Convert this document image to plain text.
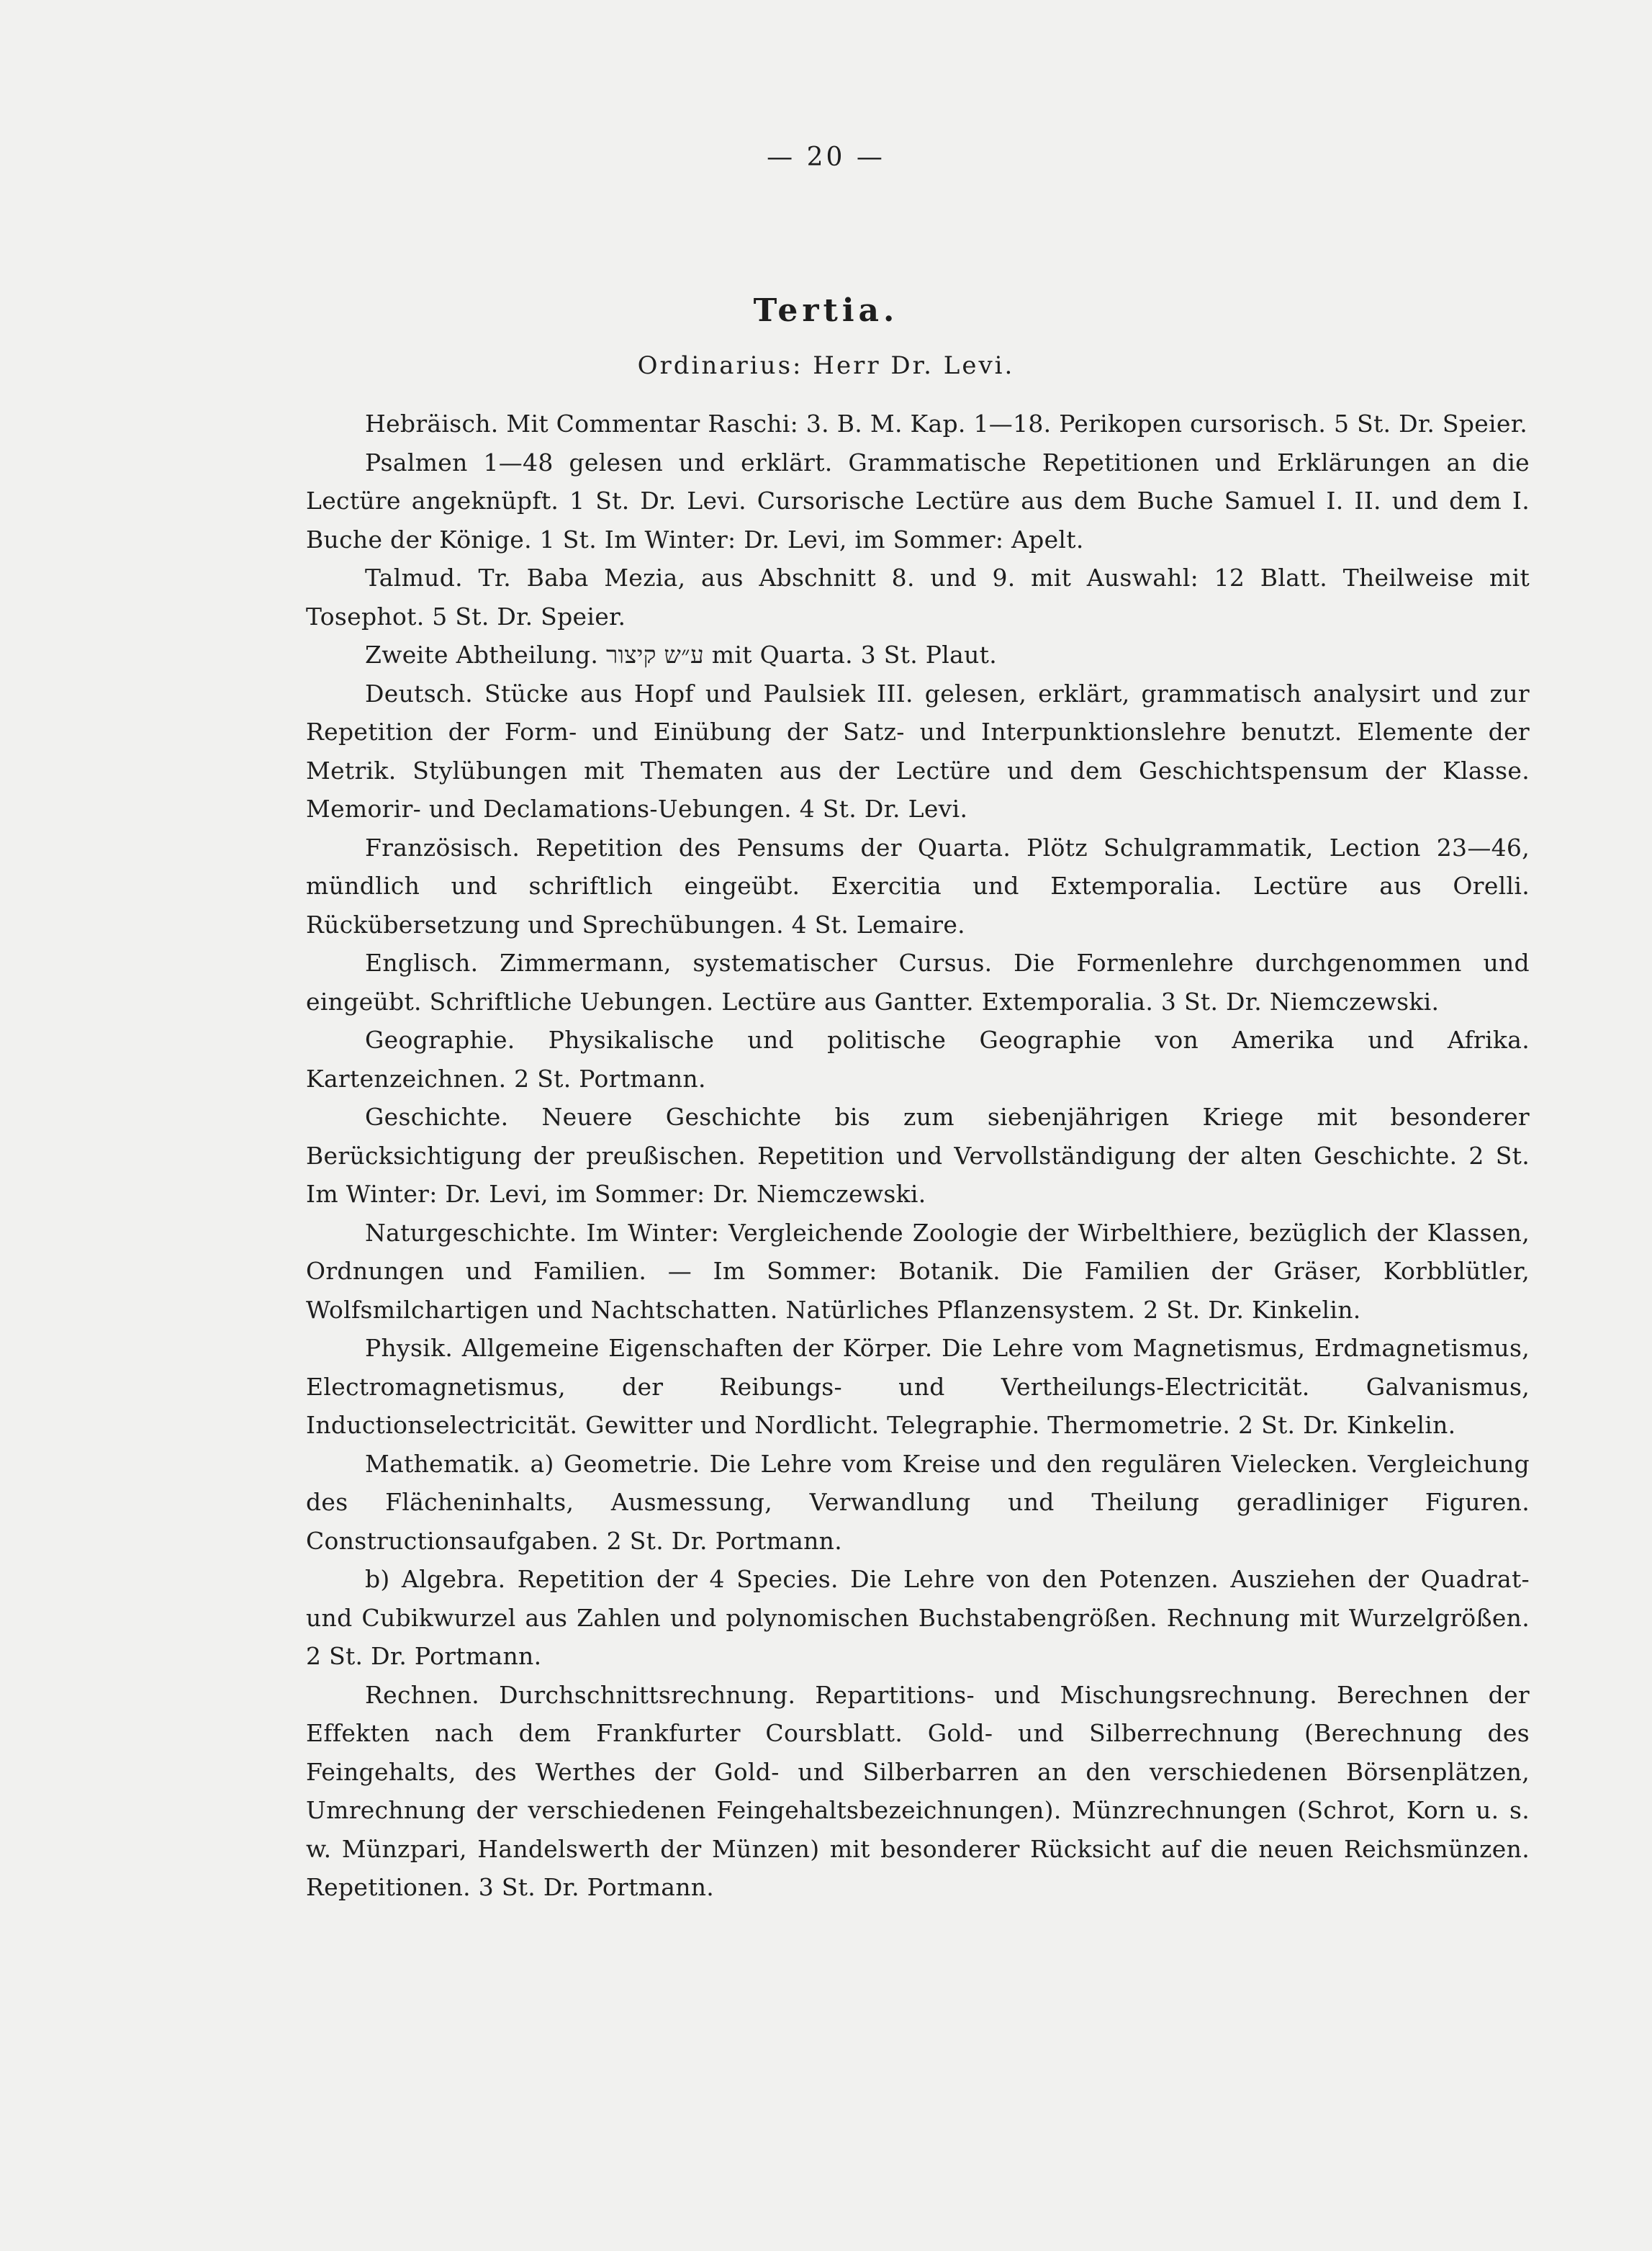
— 20 —
Tertia.
Ordinarius: Herr Dr. Levi.

Hebräisch. Mit Commentar Raschi: 3. B. M. Kap. 1—18. Perikopen cursorisch. 5 St. Dr. Speier.

Psalmen 1—48 gelesen und erklärt. Grammatische Repetitionen und Erklärungen an die Lectüre angeknüpft. 1 St. Dr. Levi. Cursorische Lectüre aus dem Buche Samuel I. II. und dem I. Buche der Könige. 1 St. Im Winter: Dr. Levi, im Sommer: Apelt.

Talmud. Tr. Baba Mezia, aus Abschnitt 8. und 9. mit Auswahl: 12 Blatt. Theilweise mit Tosephot. 5 St. Dr. Speier.

Zweite Abtheilung. ע״ש קיצור mit Quarta. 3 St. Plaut.

Deutsch. Stücke aus Hopf und Paulsiek III. gelesen, erklärt, grammatisch analysirt und zur Repetition der Form- und Einübung der Satz- und Interpunktionslehre benutzt. Elemente der Metrik. Stylübungen mit Thematen aus der Lectüre und dem Geschichtspensum der Klasse. Memorir- und Declamations-Uebungen. 4 St. Dr. Levi.

Französisch. Repetition des Pensums der Quarta. Plötz Schulgrammatik, Lection 23—46, mündlich und schriftlich eingeübt. Exercitia und Extemporalia. Lectüre aus Orelli. Rückübersetzung und Sprechübungen. 4 St. Lemaire.

Englisch. Zimmermann, systematischer Cursus. Die Formenlehre durchgenommen und eingeübt. Schriftliche Uebungen. Lectüre aus Gantter. Extemporalia. 3 St. Dr. Niemczewski.

Geographie. Physikalische und politische Geographie von Amerika und Afrika. Kartenzeichnen. 2 St. Portmann.

Geschichte. Neuere Geschichte bis zum siebenjährigen Kriege mit besonderer Berücksichtigung der preußischen. Repetition und Vervollständigung der alten Geschichte. 2 St. Im Winter: Dr. Levi, im Sommer: Dr. Niemczewski.

Naturgeschichte. Im Winter: Vergleichende Zoologie der Wirbelthiere, bezüglich der Klassen, Ordnungen und Familien. — Im Sommer: Botanik. Die Familien der Gräser, Korbblütler, Wolfsmilchartigen und Nachtschatten. Natürliches Pflanzensystem. 2 St. Dr. Kinkelin.

Physik. Allgemeine Eigenschaften der Körper. Die Lehre vom Magnetismus, Erdmagnetismus, Electromagnetismus, der Reibungs- und Vertheilungs-Electricität. Galvanismus, Inductionselectricität. Gewitter und Nordlicht. Telegraphie. Thermometrie. 2 St. Dr. Kinkelin.

Mathematik. a) Geometrie. Die Lehre vom Kreise und den regulären Vielecken. Vergleichung des Flächeninhalts, Ausmessung, Verwandlung und Theilung geradliniger Figuren. Constructionsaufgaben. 2 St. Dr. Portmann.

b) Algebra. Repetition der 4 Species. Die Lehre von den Potenzen. Ausziehen der Quadrat- und Cubikwurzel aus Zahlen und polynomischen Buchstabengrößen. Rechnung mit Wurzelgrößen. 2 St. Dr. Portmann.

Rechnen. Durchschnittsrechnung. Repartitions- und Mischungsrechnung. Berechnen der Effekten nach dem Frankfurter Coursblatt. Gold- und Silberrechnung (Berechnung des Feingehalts, des Werthes der Gold- und Silberbarren an den verschiedenen Börsenplätzen, Umrechnung der verschiedenen Feingehaltsbezeichnungen). Münzrechnungen (Schrot, Korn u. s. w. Münzpari, Handelswerth der Münzen) mit besonderer Rücksicht auf die neuen Reichsmünzen. Repetitionen. 3 St. Dr. Portmann.
